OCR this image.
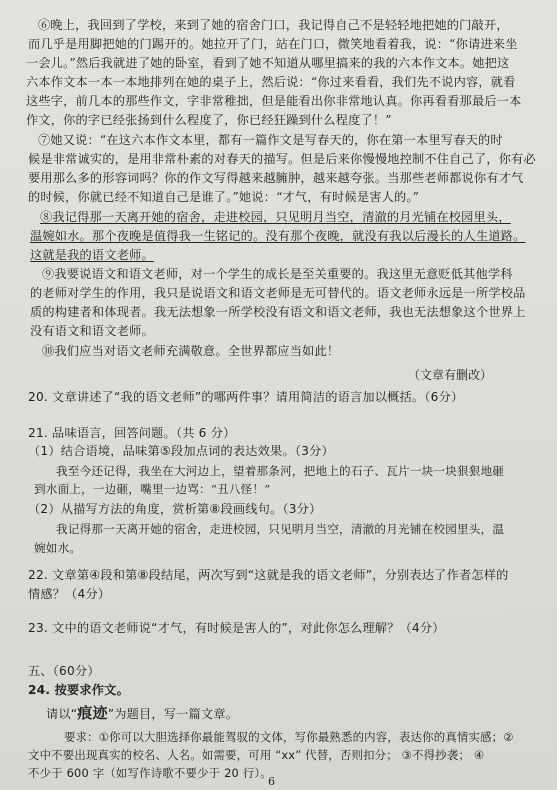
⑥晚上，我回到了学校，来到了她的宿舍门口，我记得自己不是轻轻地把她的门敲开，
而几乎是用脚把她的门踢开的。她拉开了门，站在门口，微笑地看着我，说：“你请进来坐
一会儿。”然后我就进了她的卧室，看到了她不知道从哪里搞来的我的六本作文本。她把这
六本作文本一本一本地排列在她的桌子上，然后说：“你过来看看，我们先不说内容，就看
这些字，前几本的那些作文，字非常稚拙，但是能看出你非常地认真。你再看看那最后一本
作文，你的字已经张扬到什么程度了，你已经狂躁到什么程度了！”
⑦她又说：“在这六本作文本里，都有一篇作文是写春天的，你在第一本里写春天的时
候是非常诚实的，是用非常朴素的对春天的描写。但是后来你慢慢地控制不住自己了，你有必
要用那么多的形容词吗？你的作文写得越来越臃肿，越来越夸张。当那些老师都说你有才气
的时候，你就已经不知道自己是谁了。”她说：“才气，有时候是害人的。”
⑧我记得那一天离开她的宿舍，走进校园，只见明月当空，清澈的月光铺在校园里头，
温婉如水。那个夜晚是值得我一生铭记的。没有那个夜晚，就没有我以后漫长的人生道路。
这就是我的语文老师。
⑨我要说语文和语文老师，对一个学生的成长是至关重要的。我这里无意贬低其他学科
的老师对学生的作用，我只是说语文和语文老师是无可替代的。语文老师永远是一所学校品
质的构建者和体现者。我无法想象一所学校没有语文和语文老师，我也无法想象这个世界上
没有语文和语文老师。
⑩我们应当对语文老师充满敬意。全世界都应当如此！
（文章有删改）
20. 文章讲述了“我的语文老师”的哪两件事？请用简洁的语言加以概括。（6分）
21. 品味语言，回答问题。（共 6 分）
（1）结合语境，品味第⑤段加点词的表达效果。（3分）
我至今还记得，我坐在大河边上，望着那条河，把地上的石子、瓦片一块一块狠狠地砸
到水面上，一边砸，嘴里一边骂：“丑八怪！”
（2）从描写方法的角度，赏析第⑧段画线句。（3分）
我记得那一天离开她的宿舍，走进校园，只见明月当空，清澈的月光铺在校园里头，温
婉如水。
22. 文章第④段和第⑧段结尾，两次写到“这就是我的语文老师”，分别表达了作者怎样的
情感？（4分）
23. 文中的语文老师说“才气，有时候是害人的”，对此你怎么理解？（4分）
五、（60分）
24. 按要求作文。
请以“痕迹”为题目，写一篇文章。
要求：①你可以大胆选择你最能驾驭的文体，写你最熟悉的内容，表达你的真情实感；②
文中不要出现真实的校名、人名。如需要，可用 “xx” 代替，否则扣分； ③不得抄袭； ④
不少于 600 字（如写作诗歌不要少于 20 行）。
6
